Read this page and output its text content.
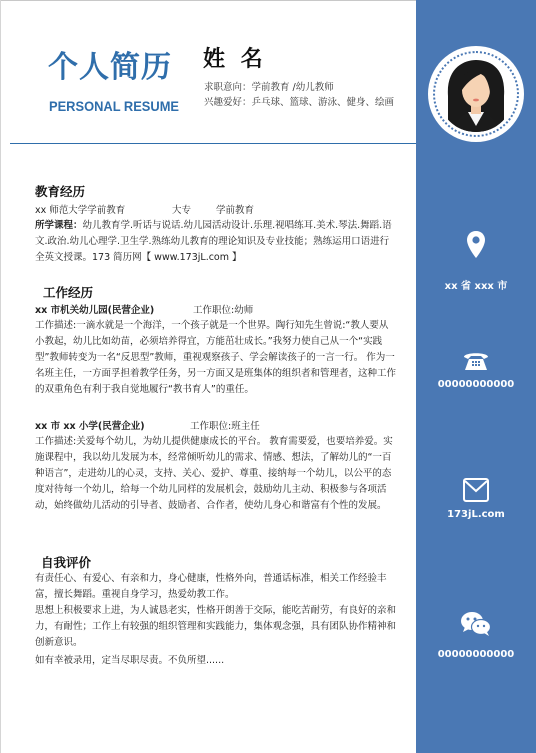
个人简历
PERSONAL RESUME
姓 名
求职意向：学前教育 /幼儿教师
兴趣爱好：乒乓球、篮球、游泳、健身、绘画
xx 省 xxx 市
00000000000
173jL.com
00000000000
教育经历
xx 师范大学学前教育	大专	学前教育
所学课程：幼儿教育学.听话与说话.幼儿园活动设计.乐理.视唱练耳.美术.琴法.舞蹈.语文.政治.幼儿心理学.卫生学.熟练幼儿教育的理论知识及专业技能；熟练运用口语进行全英文授课。173 简历网【 www.173jL.com 】
工作经历
xx 市机关幼儿园(民营企业)	工作职位:幼师
工作描述:一滴水就是一个海洋，一个孩子就是一个世界。陶行知先生曾说:“教人要从小教起，幼儿比如幼苗，必须培养得宜，方能茁壮成长。”我努力使自己从一个“实践型”教师转变为一名“反思型”教师，重视观察孩子、学会解读孩子的一言一行。 作为一名班主任，一方面孚担着教学任务，另一方面又是班集体的组织者和管理者，这种工作的双重角色有利于我自觉地履行“教书育人”的重任。
xx 市 xx 小学(民营企业)	工作职位:班主任
工作描述:关爱每个幼儿，为幼儿提供健康成长的平台。 教育需要爱，也要培养爱。实施课程中，我以幼儿发展为本，经常倾听幼儿的需求、情感、想法，了解幼儿的“一百种语言”，走进幼儿的心灵，支持、关心、爱护、尊重、接纳每一个幼儿，以公平的态度对待每一个幼儿，给每一个幼儿同样的发展机会，鼓励幼儿主动、积极参与各项活动，始终做幼儿活动的引导者、鼓励者、合作者，使幼儿身心和谐富有个性的发展。
自我评价
有责任心、有爱心、有亲和力，身心健康，性格外向，普通话标准，相关工作经验丰富，擅长舞蹈。重视自身学习，热爱幼教工作。
思想上积极要求上进，为人诚恳老实，性格开朗善于交际，能吃苦耐劳，有良好的亲和力，有耐性；工作上有较强的组织管理和实践能力，集体观念强，具有团队协作精神和创新意识。
如有幸被录用，定当尽职尽责。不负所望......
